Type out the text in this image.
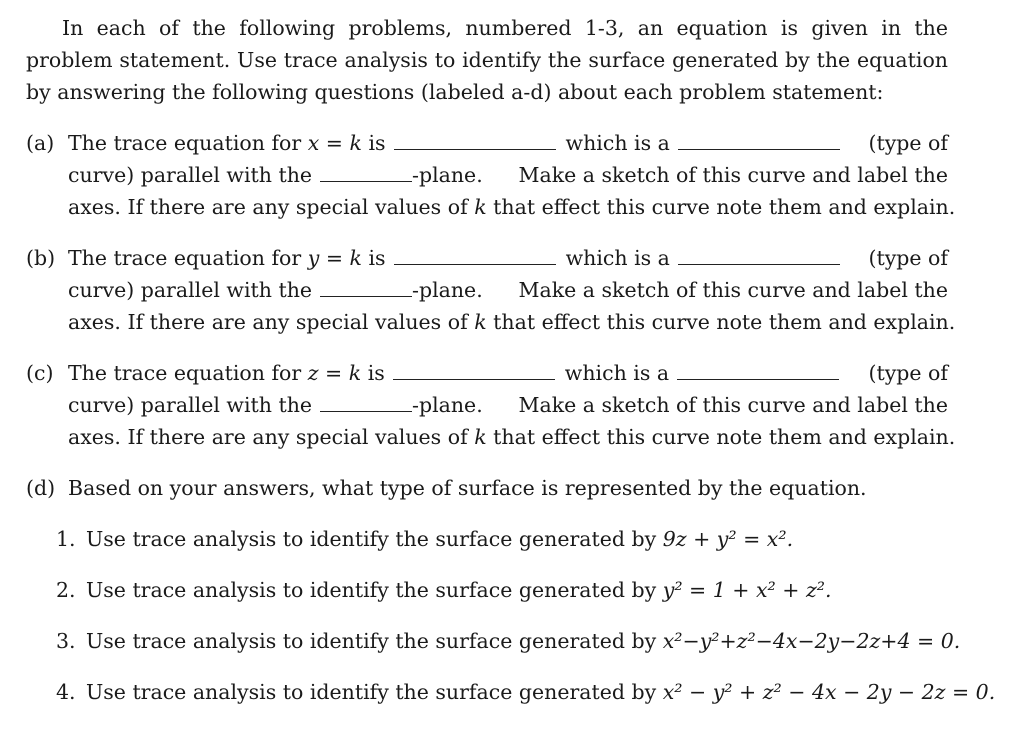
In each of the following problems, numbered 1-3, an equation is given in the problem statement. Use trace analysis to identify the surface generated by the equation by answering the following questions (labeled a-d) about each problem statement:

(a) The trace equation for
x = k
is	which is a	(type of
curve) parallel with the	-plane. Make a sketch of this curve and label the
axes. If there are any special values of
k
that effect this curve note them and explain.
(b) The trace equation for
y = k
is	which is a	(type of
curve) parallel with the	-plane. Make a sketch of this curve and label the
axes. If there are any special values of
k
that effect this curve note them and explain.
(c) The trace equation for
z = k
is	which is a	(type of
curve) parallel with the	-plane. Make a sketch of this curve and label the
axes. If there are any special values of
k
that effect this curve note them and explain.
(d) Based on your answers, what type of surface is represented by the equation.
1. Use trace analysis to identify the surface generated by 9z + y² = x².
2. Use trace analysis to identify the surface generated by y² = 1 + x² + z².
3. Use trace analysis to identify the surface generated by x²−y²+z²−4x−2y−2z+4 = 0.
4. Use trace analysis to identify the surface generated by x² − y² + z² − 4x − 2y − 2z = 0.
